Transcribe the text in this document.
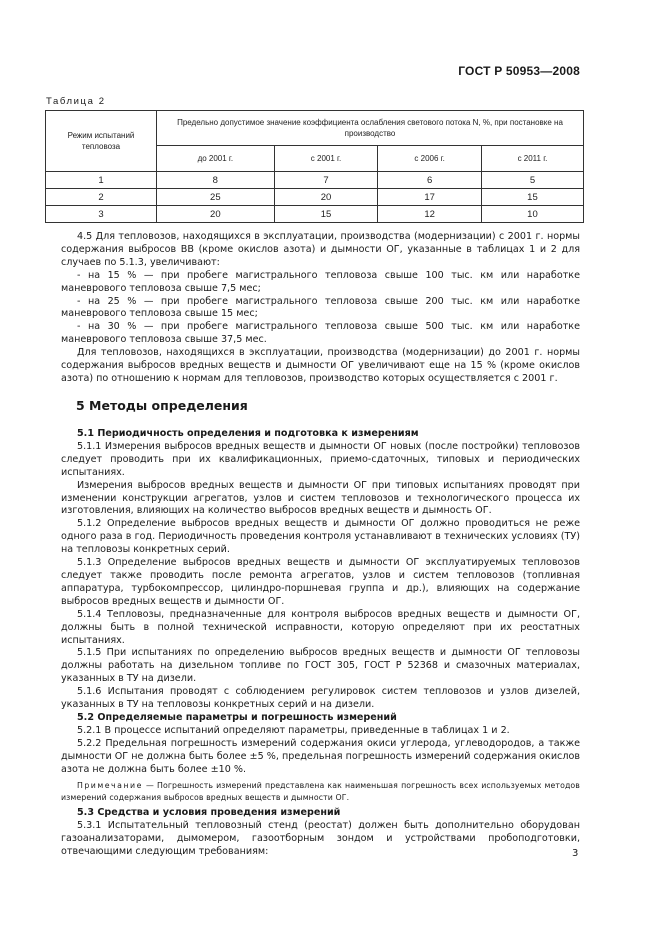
ГОСТ Р 50953—2008
Таблица 2
Режим испытаний тепловоза	Предельно допустимое значение коэффициента ослабления светового потока N, %, при постановке на производство			
	до 2001 г.	с 2001 г.	с 2006 г.	с 2011 г.
1	8	7	6	5
2	25	20	17	15
3	20	15	12	10

4.5 Для тепловозов, находящихся в эксплуатации, производства (модернизации) с 2001 г. нормы содержания выбросов ВВ (кроме окислов азота) и дымности ОГ, указанные в таблицах 1 и 2 для случаев по 5.1.3, увеличивают:

- на 15 % — при пробеге магистрального тепловоза свыше 100 тыс. км или наработке маневрового тепловоза свыше 7,5 мес;

- на 25 % — при пробеге магистрального тепловоза свыше 200 тыс. км или наработке маневрового тепловоза свыше 15 мес;

- на 30 % — при пробеге магистрального тепловоза свыше 500 тыс. км или наработке маневрового тепловоза свыше 37,5 мес.

Для тепловозов, находящихся в эксплуатации, производства (модернизации) до 2001 г. нормы содержания выбросов вредных веществ и дымности ОГ увеличивают еще на 15 % (кроме окислов азота) по отношению к нормам для тепловозов, производство которых осуществляется с 2001 г.

5 Методы определения

5.1 Периодичность определения и подготовка к измерениям

5.1.1 Измерения выбросов вредных веществ и дымности ОГ новых (после постройки) тепловозов следует проводить при их квалификационных, приемо-сдаточных, типовых и периодических испытаниях.

Измерения выбросов вредных веществ и дымности ОГ при типовых испытаниях проводят при изменении конструкции агрегатов, узлов и систем тепловозов и технологического процесса их изготовления, влияющих на количество выбросов вредных веществ и дымность ОГ.

5.1.2 Определение выбросов вредных веществ и дымности ОГ должно проводиться не реже одного раза в год. Периодичность проведения контроля устанавливают в технических условиях (ТУ) на тепловозы конкретных серий.

5.1.3 Определение выбросов вредных веществ и дымности ОГ эксплуатируемых тепловозов следует также проводить после ремонта агрегатов, узлов и систем тепловозов (топливная аппаратура, турбокомпрессор, цилиндро-поршневая группа и др.), влияющих на содержание выбросов вредных веществ и дымности ОГ.

5.1.4 Тепловозы, предназначенные для контроля выбросов вредных веществ и дымности ОГ, должны быть в полной технической исправности, которую определяют при их реостатных испытаниях.

5.1.5 При испытаниях по определению выбросов вредных веществ и дымности ОГ тепловозы должны работать на дизельном топливе по ГОСТ 305, ГОСТ Р 52368 и смазочных материалах, указанных в ТУ на дизели.

5.1.6 Испытания проводят с соблюдением регулировок систем тепловозов и узлов дизелей, указанных в ТУ на тепловозы конкретных серий и на дизели.

5.2 Определяемые параметры и погрешность измерений

5.2.1 В процессе испытаний определяют параметры, приведенные в таблицах 1 и 2.

5.2.2 Предельная погрешность измерений содержания окиси углерода, углеводородов, а также дымности ОГ не должна быть более ±5 %, предельная погрешность измерений содержания окислов азота не должна быть более ±10 %.

Примечание — Погрешность измерений представлена как наименьшая погрешность всех используемых методов измерений содержания выбросов вредных веществ и дымности ОГ.

5.3 Средства и условия проведения измерений

5.3.1 Испытательный тепловозный стенд (реостат) должен быть дополнительно оборудован газоанализаторами, дымомером, газоотборным зондом и устройствами пробоподготовки, отвечающими следующим требованиям:	3
